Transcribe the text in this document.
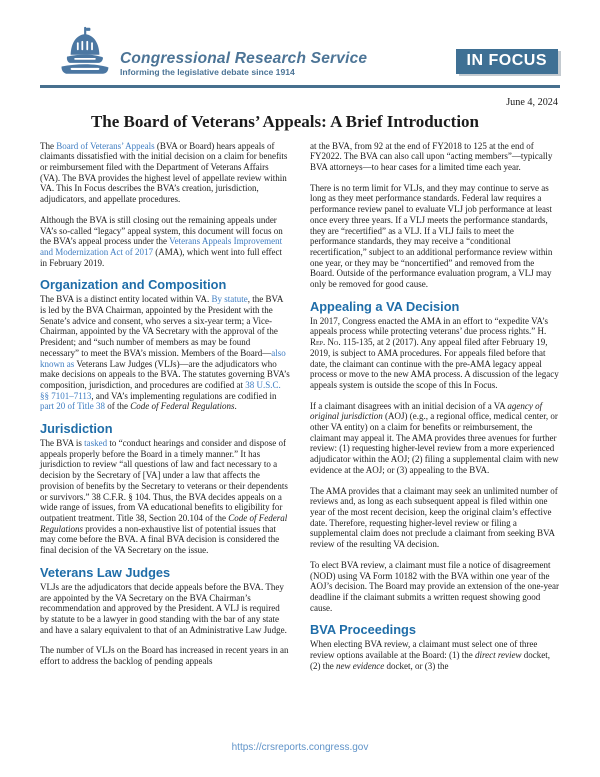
Congressional Research Service
Informing the legislative debate since 1914
IN FOCUS
June 4, 2024
The Board of Veterans’ Appeals: A Brief Introduction

The Board of Veterans’ Appeals (BVA or Board) hears appeals of claimants dissatisfied with the initial decision on a claim for benefits or reimbursement filed with the Department of Veterans Affairs (VA). The BVA provides the highest level of appellate review within VA. This In Focus describes the BVA’s creation, jurisdiction, adjudicators, and appellate procedures.

Although the BVA is still closing out the remaining appeals under VA’s so-called “legacy” appeal system, this document will focus on the BVA’s appeal process under the Veterans Appeals Improvement and Modernization Act of 2017 (AMA), which went into full effect in February 2019.

Organization and Composition

The BVA is a distinct entity located within VA. By statute, the BVA is led by the BVA Chairman, appointed by the President with the Senate’s advice and consent, who serves a six-year term; a Vice-Chairman, appointed by the VA Secretary with the approval of the President; and “such number of members as may be found necessary” to meet the BVA’s mission. Members of the Board—also known as Veterans Law Judges (VLJs)—are the adjudicators who make decisions on appeals to the BVA. The statutes governing BVA’s composition, jurisdiction, and procedures are codified at 38 U.S.C. §§ 7101–7113, and VA’s implementing regulations are codified in part 20 of Title 38 of the Code of Federal Regulations.

Jurisdiction

The BVA is tasked to “conduct hearings and consider and dispose of appeals properly before the Board in a timely manner.” It has jurisdiction to review “all questions of law and fact necessary to a decision by the Secretary of [VA] under a law that affects the provision of benefits by the Secretary to veterans or their dependents or survivors.” 38 C.F.R. § 104. Thus, the BVA decides appeals on a wide range of issues, from VA educational benefits to eligibility for outpatient treatment. Title 38, Section 20.104 of the Code of Federal Regulations provides a non-exhaustive list of potential issues that may come before the BVA. A final BVA decision is considered the final decision of the VA Secretary on the issue.

Veterans Law Judges

VLJs are the adjudicators that decide appeals before the BVA. They are appointed by the VA Secretary on the BVA Chairman’s recommendation and approved by the President. A VLJ is required by statute to be a lawyer in good standing with the bar of any state and have a salary equivalent to that of an Administrative Law Judge.

The number of VLJs on the Board has increased in recent years in an effort to address the backlog of pending appeals

at the BVA, from 92 at the end of FY2018 to 125 at the end of FY2022. The BVA can also call upon “acting members”—typically BVA attorneys—to hear cases for a limited time each year.

There is no term limit for VLJs, and they may continue to serve as long as they meet performance standards. Federal law requires a performance review panel to evaluate VLJ job performance at least once every three years. If a VLJ meets the performance standards, they are “recertified” as a VLJ. If a VLJ fails to meet the performance standards, they may receive a “conditional recertification,” subject to an additional performance review within one year, or they may be “noncertified” and removed from the Board. Outside of the performance evaluation program, a VLJ may only be removed for good cause.

Appealing a VA Decision

In 2017, Congress enacted the AMA in an effort to “expedite VA’s appeals process while protecting veterans’ due process rights.” H. Rep. No. 115-135, at 2 (2017). Any appeal filed after February 19, 2019, is subject to AMA procedures. For appeals filed before that date, the claimant can continue with the pre-AMA legacy appeal process or move to the new AMA process. A discussion of the legacy appeals system is outside the scope of this In Focus.

If a claimant disagrees with an initial decision of a VA agency of original jurisdiction (AOJ) (e.g., a regional office, medical center, or other VA entity) on a claim for benefits or reimbursement, the claimant may appeal it. The AMA provides three avenues for further review: (1) requesting higher-level review from a more experienced adjudicator within the AOJ; (2) filing a supplemental claim with new evidence at the AOJ; or (3) appealing to the BVA.

The AMA provides that a claimant may seek an unlimited number of reviews and, as long as each subsequent appeal is filed within one year of the most recent decision, keep the original claim’s effective date. Therefore, requesting higher-level review or filing a supplemental claim does not preclude a claimant from seeking BVA review of the resulting VA decision.

To elect BVA review, a claimant must file a notice of disagreement (NOD) using VA Form 10182 with the BVA within one year of the AOJ’s decision. The Board may provide an extension of the one-year deadline if the claimant submits a written request showing good cause.

BVA Proceedings

When electing BVA review, a claimant must select one of three review options available at the Board: (1) the direct review docket, (2) the new evidence docket, or (3) the

https://crsreports.congress.gov
